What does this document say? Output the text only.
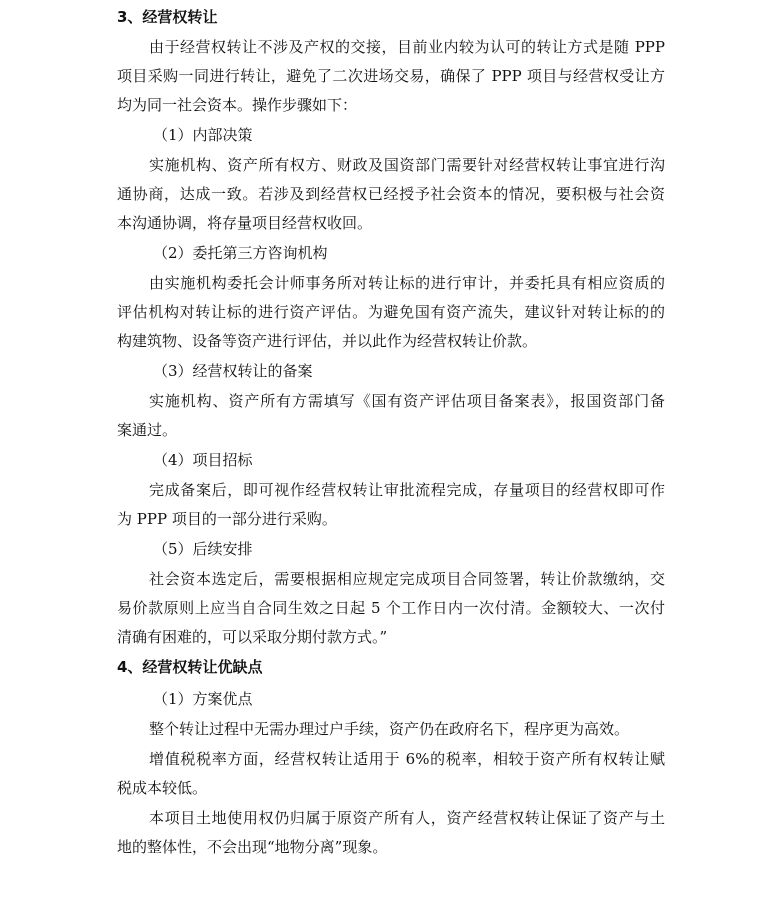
3、经营权转让
由于经营权转让不涉及产权的交接，目前业内较为认可的转让方式是随 PPP
项目采购一同进行转让，避免了二次进场交易，确保了 PPP 项目与经营权受让方
均为同一社会资本。操作步骤如下：
（1）内部决策
实施机构、资产所有权方、财政及国资部门需要针对经营权转让事宜进行沟
通协商，达成一致。若涉及到经营权已经授予社会资本的情况，要积极与社会资
本沟通协调，将存量项目经营权收回。
（2）委托第三方咨询机构
由实施机构委托会计师事务所对转让标的进行审计，并委托具有相应资质的
评估机构对转让标的进行资产评估。为避免国有资产流失，建议针对转让标的的
构建筑物、设备等资产进行评估，并以此作为经营权转让价款。
（3）经营权转让的备案
实施机构、资产所有方需填写《国有资产评估项目备案表》，报国资部门备
案通过。
（4）项目招标
完成备案后，即可视作经营权转让审批流程完成，存量项目的经营权即可作
为 PPP 项目的一部分进行采购。
（5）后续安排
社会资本选定后，需要根据相应规定完成项目合同签署，转让价款缴纳，交
易价款原则上应当自合同生效之日起 5 个工作日内一次付清。金额较大、一次付
清确有困难的，可以采取分期付款方式。”
4、经营权转让优缺点
（1）方案优点
整个转让过程中无需办理过户手续，资产仍在政府名下，程序更为高效。
增值税税率方面，经营权转让适用于 6%的税率，相较于资产所有权转让赋
税成本较低。
本项目土地使用权仍归属于原资产所有人，资产经营权转让保证了资产与土
地的整体性，不会出现“地物分离”现象。
